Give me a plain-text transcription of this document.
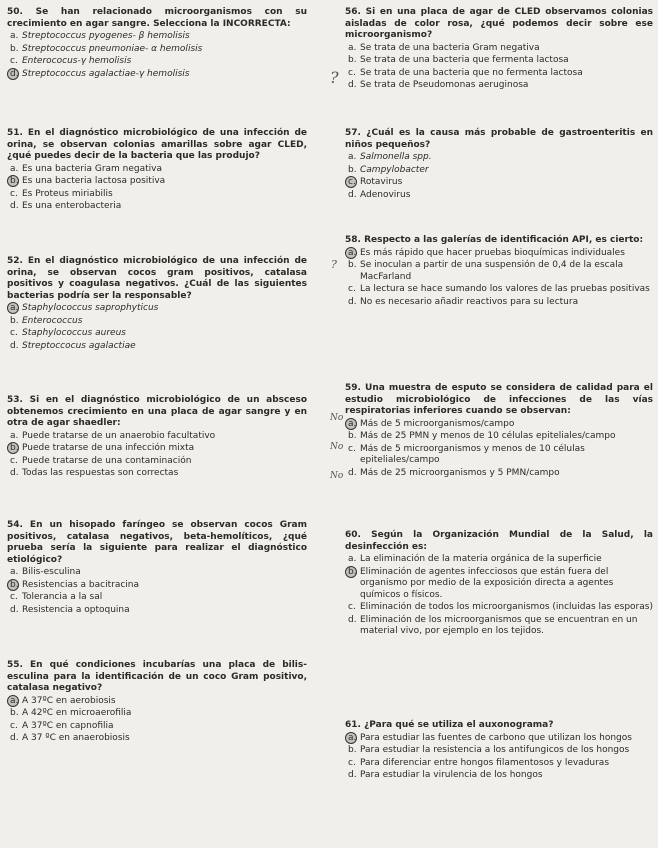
50. Se han relacionado microorganismos con su crecimiento en agar sangre. Selecciona la INCORRECTA:
a. Streptococcus pyogenes- β hemolisis
b. Streptococcus pneumoniae- α hemolisis
c. Enterococus-γ hemolisis
d. Streptococcus agalactiae-γ hemolisis
51. En el diagnóstico microbiológico de una infección de orina, se observan colonias amarillas sobre agar CLED, ¿qué puedes decir de la bacteria que las produjo?
a. Es una bacteria Gram negativa
b. Es una bacteria lactosa positiva
c. Es Proteus miriabilis
d. Es una enterobacteria
52. En el diagnóstico microbiológico de una infección de orina, se observan cocos gram positivos, catalasa positivos y coagulasa negativos. ¿Cuál de las siguientes bacterias podría ser la responsable?
a. Staphylococcus saprophyticus
b. Enterococcus
c. Staphylococcus aureus
d. Streptoccocus agalactiae
53. Si en el diagnóstico microbiológico de un absceso obtenemos crecimiento en una placa de agar sangre y en otra de agar shaedler:
a. Puede tratarse de un anaerobio facultativo
b. Puede tratarse de una infección mixta
c. Puede tratarse de una contaminación
d. Todas las respuestas son correctas
54. En un hisopado faríngeo se observan cocos Gram positivos, catalasa negativos, beta-hemolíticos, ¿qué prueba sería la siguiente para realizar el diagnóstico etiológico?
a. Bilis-esculina
b. Resistencias a bacitracina
c. Tolerancia a la sal
d. Resistencia a optoquina
55. En qué condiciones incubarías una placa de bilis-esculina para la identificación de un coco Gram positivo, catalasa negativo?
a. A 37ºC en aerobiosis
b. A 42ºC en microaerofilia
c. A 37ºC en capnofilia
d. A 37 ºC en anaerobiosis
56. Si en una placa de agar de CLED observamos colonias aisladas de color rosa, ¿qué podemos decir sobre ese microorganismo?
a. Se trata de una bacteria Gram negativa
b. Se trata de una bacteria que fermenta lactosa
c. Se trata de una bacteria que no fermenta lactosa
d. Se trata de Pseudomonas aeruginosa
57. ¿Cuál es la causa más probable de gastroenteritis en niños pequeños?
a. Salmonella spp.
b. Campylobacter
c. Rotavirus
d. Adenovirus
58. Respecto a las galerías de identificación API, es cierto:
a. Es más rápido que hacer pruebas bioquímicas individuales
b. Se inoculan a partir de una suspensión de 0,4 de la escala MacFarland
c. La lectura se hace sumando los valores de las pruebas positivas
d. No es necesario añadir reactivos para su lectura
59. Una muestra de esputo se considera de calidad para el estudio microbiológico de infecciones de las vías respiratorias inferiores cuando se observan:
a. Más de 5 microorganismos/campo
b. Más de 25 PMN y menos de 10 células epiteliales/campo
c. Más de 5 microorganismos y menos de 10 células epiteliales/campo
d. Más de 25 microorganismos y 5 PMN/campo
60. Según la Organización Mundial de la Salud, la desinfección es:
a. La eliminación de la materia orgánica de la superficie
b. Eliminación de agentes infecciosos que están fuera del organismo por medio de la exposición directa a agentes químicos o físicos.
c. Eliminación de todos los microorganismos (incluidas las esporas)
d. Eliminación de los microorganismos que se encuentran en un material vivo, por ejemplo en los tejidos.
61. ¿Para qué se utiliza el auxonograma?
a. Para estudiar las fuentes de carbono que utilizan los hongos
b. Para estudiar la resistencia a los antifungicos de los hongos
c. Para diferenciar entre hongos filamentosos y levaduras
d. Para estudiar la virulencia de los hongos
?
?
No
No
No
